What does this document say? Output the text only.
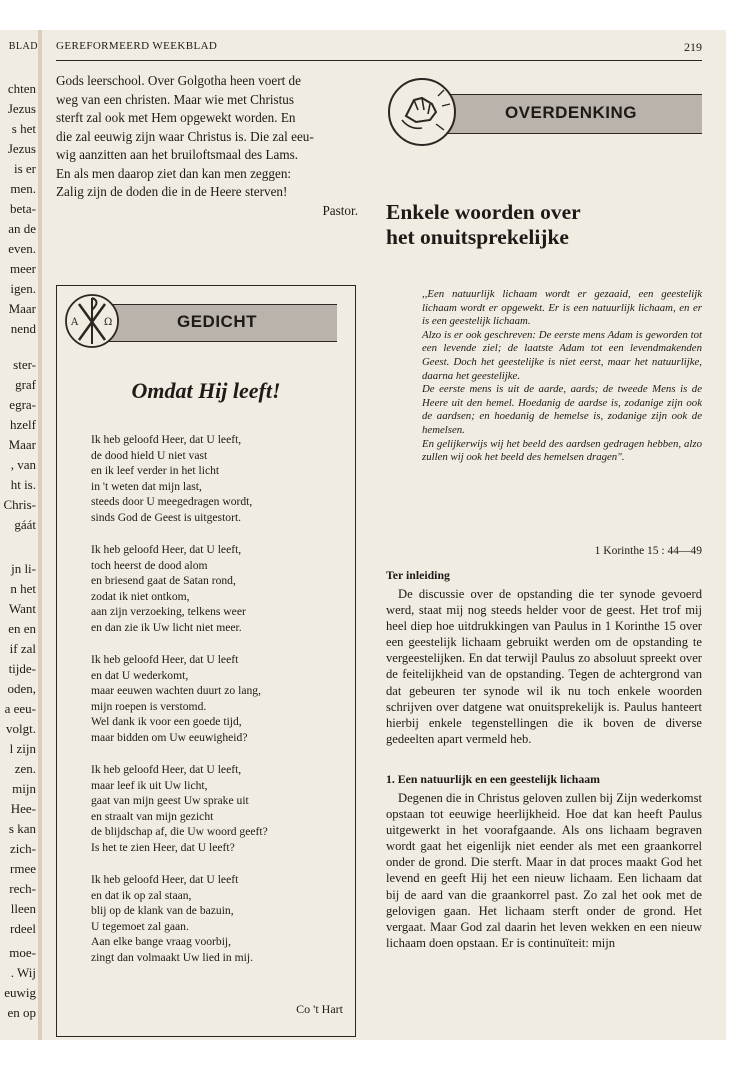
BLAD
chten
Jezus
s het
Jezus
is er
men.
beta-
an de
even.
meer
igen.
Maar
nend
ster-
graf
egra-
hzelf
Maar
, van
ht is.
Chris-
gáát
jn li-
n het
Want
en en
if zal
tijde-
oden,
a eeu-
volgt.
l zijn
zen.
mijn
Hee-
s kan
zich-
rmee
rech-
lleen
rdeel
moe-
. Wij
euwig
en op
GEREFORMEERD WEEKBLAD	219

Gods leerschool. Over Golgotha heen voert de
weg van een christen. Maar wie met Christus
sterft zal ook met Hem opgewekt worden. En
die zal eeuwig zijn waar Christus is. Die zal eeu-
wig aanzitten aan het bruiloftsmaal des Lams.
En als men daarop ziet dan kan men zeggen:
Zalig zijn de doden die in de Heere sterven!

Pastor.
GEDICHT
A	Ω
Omdat Hij leeft!
Ik heb geloofd Heer, dat U leeft,
de dood hield U niet vast
en ik leef verder in het licht
in 't weten dat mijn last,
steeds door U meegedragen wordt,
sinds God de Geest is uitgestort.
Ik heb geloofd Heer, dat U leeft,
toch heerst de dood alom
en briesend gaat de Satan rond,
zodat ik niet ontkom,
aan zijn verzoeking, telkens weer
en dan zie ik Uw licht niet meer.
Ik heb geloofd Heer, dat U leeft
en dat U wederkomt,
maar eeuwen wachten duurt zo lang,
mijn roepen is verstomd.
Wel dank ik voor een goede tijd,
maar bidden om Uw eeuwigheid?
Ik heb geloofd Heer, dat U leeft,
maar leef ik uit Uw licht,
gaat van mijn geest Uw sprake uit
en straalt van mijn gezicht
de blijdschap af, die Uw woord geeft?
Is het te zien Heer, dat U leeft?
Ik heb geloofd Heer, dat U leeft
en dat ik op zal staan,
blij op de klank van de bazuin,
U tegemoet zal gaan.
Aan elke bange vraag voorbij,
zingt dan volmaakt Uw lied in mij.
Co 't Hart
OVERDENKING
Enkele woorden over
het onuitsprekelijke

,,Een natuurlijk lichaam wordt er gezaaid, een geestelijk lichaam wordt er opgewekt. Er is een natuurlijk lichaam, en er is een geestelijk lichaam.

Alzo is er ook geschreven: De eerste mens Adam is geworden tot een levende ziel; de laatste Adam tot een levendmakenden Geest. Doch het geestelijke is niet eerst, maar het natuurlijke, daarna het geestelijke.

De eerste mens is uit de aarde, aards; de tweede Mens is de Heere uit den hemel. Hoedanig de aardse is, zodanige zijn ook de aardsen; en hoedanig de hemelse is, zodanige zijn ook de hemelsen.

En gelijkerwijs wij het beeld des aardsen gedragen hebben, alzo zullen wij ook het beeld des hemelsen dragen".

1 Korinthe 15 : 44—49
Ter inleiding

De discussie over de opstanding die ter synode gevoerd werd, staat mij nog steeds helder voor de geest. Het trof mij heel diep hoe uitdrukkingen van Paulus in 1 Korinthe 15 over een geestelijk lichaam gebruikt werden om de opstanding te vergeestelijken. En dat terwijl Paulus zo absoluut spreekt over de feitelijkheid van de opstanding. Tegen de achtergrond van dat gebeuren ter synode wil ik nu toch enkele woorden schrijven over datgene wat onuitsprekelijk is. Paulus hanteert hierbij enkele tegenstellingen die ik boven de diverse gedeelten apart vermeld heb.

1. Een natuurlijk en een geestelijk lichaam

Degenen die in Christus geloven zullen bij Zijn wederkomst opstaan tot eeuwige heerlijkheid. Hoe dat kan heeft Paulus uitgewerkt in het voorafgaande. Als ons lichaam begraven wordt gaat het eigenlijk niet eender als met een graankorrel onder de grond. Die sterft. Maar in dat proces maakt God het levend en geeft Hij het een nieuw lichaam. Een lichaam dat bij de aard van die graankorrel past. Zo zal het ook met de gelovigen gaan. Het lichaam sterft onder de grond. Het vergaat. Maar God zal daarin het leven wekken en een nieuw lichaam doen opstaan. Er is continuïteit: mijn
